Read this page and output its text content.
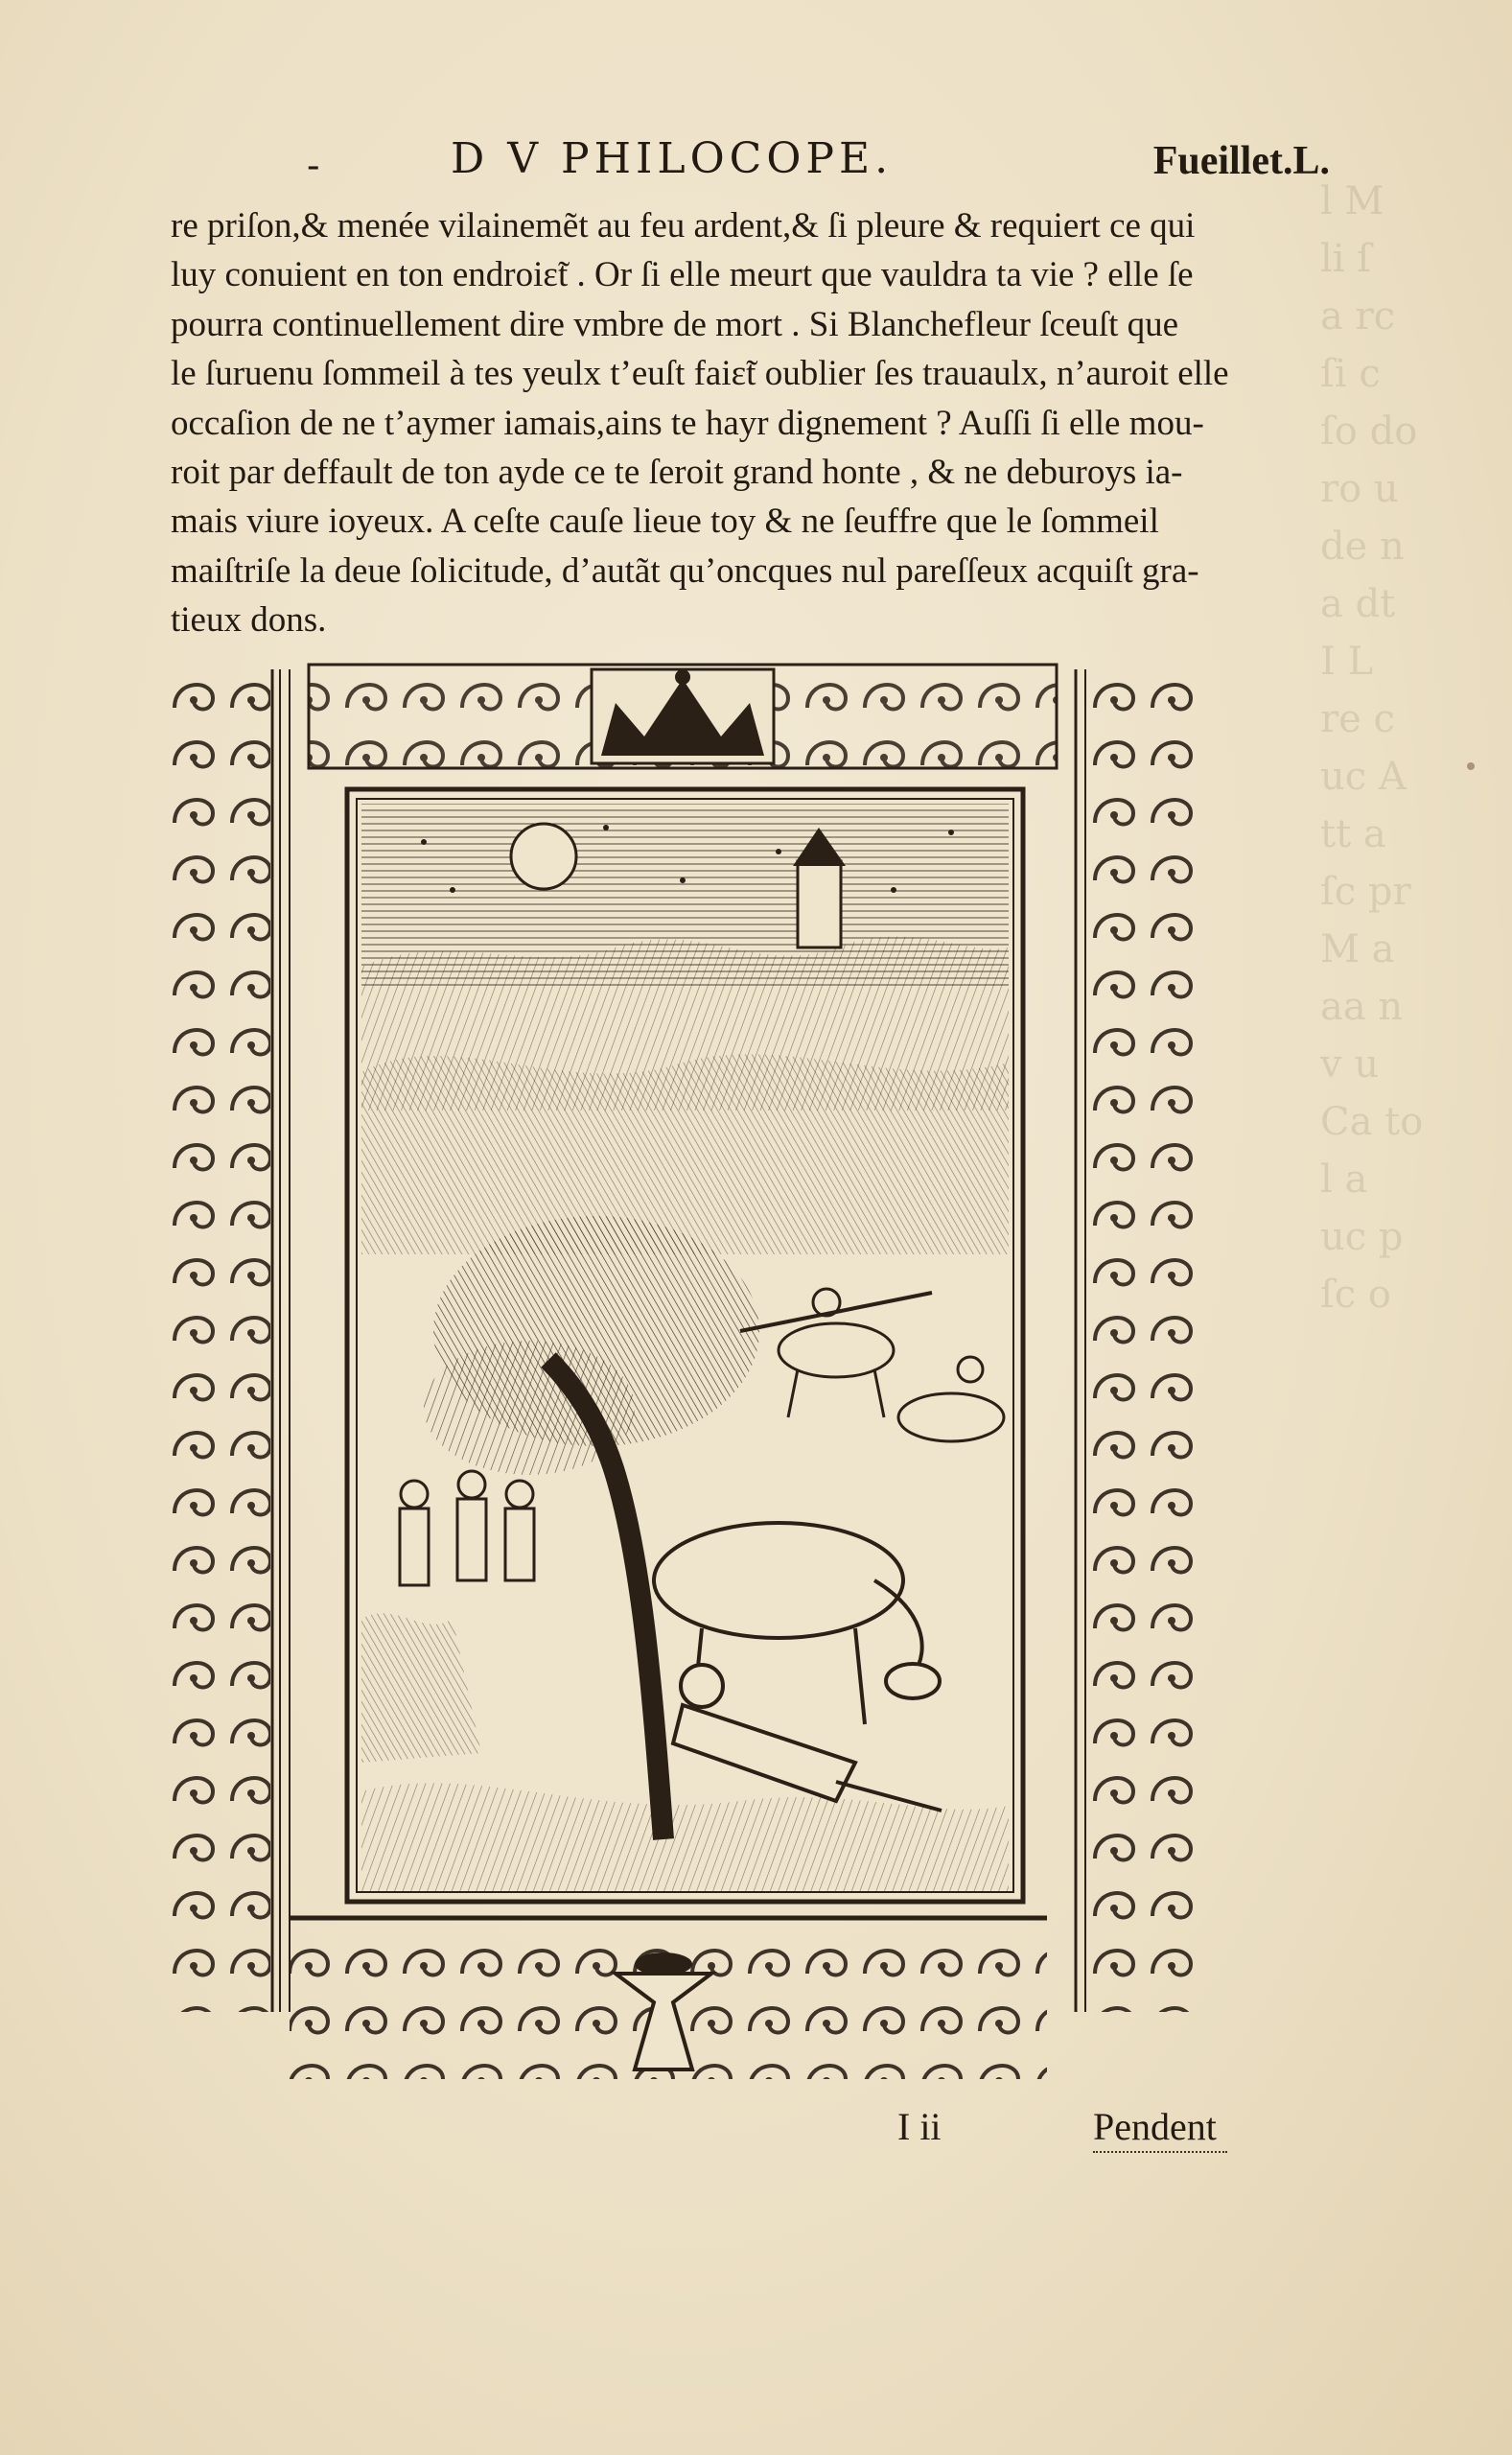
l M
li ſ
a rc
ſi c
ſo do
ro u
de n
a dt
I L
re c
uc A
tt a
ſc pr
M a
aa n
v u
Ca to
l a
uc p
ſc o
-	D V PHILOCOPE.	Fueillet.L.
re priſon,& menée vilainemẽt au feu ardent,& ſi pleure & requiert ce qui
luy conuient en ton endroiɛ̃t . Or ſi elle meurt que vauldra ta vie ? elle ſe
pourra continuellement dire vmbre de mort . Si Blanchefleur ſceuſt que
le ſuruenu ſommeil à tes yeulx t’euſt faiɛ̃t oublier ſes trauaulx, n’auroit elle
occaſion de ne t’aymer iamais,ains te hayr dignement ? Auſſi ſi elle mou-
roit par deffault de ton ayde ce te ſeroit grand honte , & ne deburoys ia-
mais viure ioyeux. A ceſte cauſe lieue toy & ne ſeuffre que le ſommeil
maiſtriſe la deue ſolicitude, d’autãt qu’oncques nul pareſſeux acquiſt gra-
tieux dons.
I ii	Pendent
